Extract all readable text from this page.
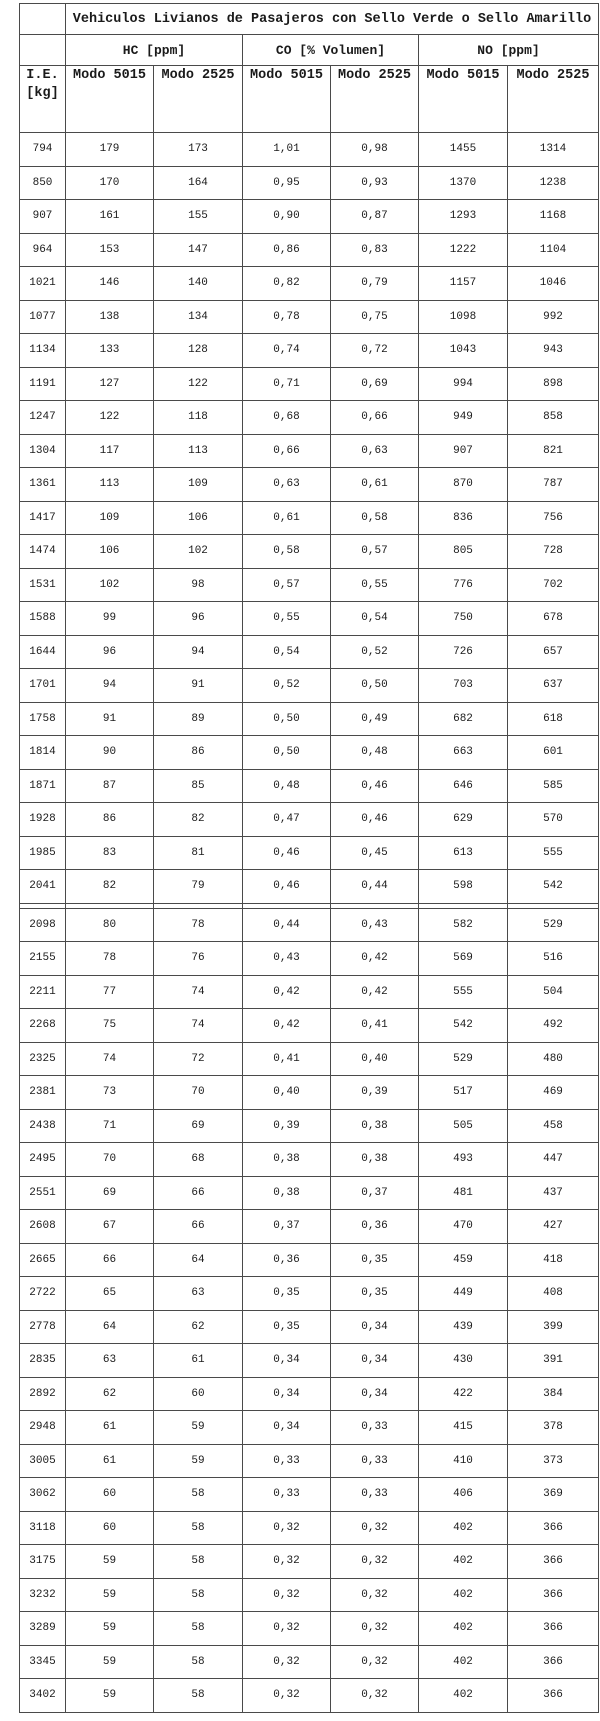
	Vehiculos Livianos de Pasajeros con Sello Verde o Sello Amarillo					
	HC [ppm]		CO [% Volumen]		NO [ppm]	

I.E.
[kg]	Modo 5015	Modo 2525	Modo 5015	Modo 2525	Modo 5015	Modo 2525
794	179	173	1,01	0,98	1455	1314
850	170	164	0,95	0,93	1370	1238
907	161	155	0,90	0,87	1293	1168
964	153	147	0,86	0,83	1222	1104
1021	146	140	0,82	0,79	1157	1046
1077	138	134	0,78	0,75	1098	992
1134	133	128	0,74	0,72	1043	943
1191	127	122	0,71	0,69	994	898
1247	122	118	0,68	0,66	949	858
1304	117	113	0,66	0,63	907	821
1361	113	109	0,63	0,61	870	787
1417	109	106	0,61	0,58	836	756
1474	106	102	0,58	0,57	805	728
1531	102	98	0,57	0,55	776	702
1588	99	96	0,55	0,54	750	678
1644	96	94	0,54	0,52	726	657
1701	94	91	0,52	0,50	703	637
1758	91	89	0,50	0,49	682	618
1814	90	86	0,50	0,48	663	601
1871	87	85	0,48	0,46	646	585
1928	86	82	0,47	0,46	629	570
1985	83	81	0,46	0,45	613	555
2041	82	79	0,46	0,44	598	542

2098	80	78	0,44	0,43	582	529
2155	78	76	0,43	0,42	569	516
2211	77	74	0,42	0,42	555	504
2268	75	74	0,42	0,41	542	492
2325	74	72	0,41	0,40	529	480
2381	73	70	0,40	0,39	517	469
2438	71	69	0,39	0,38	505	458
2495	70	68	0,38	0,38	493	447
2551	69	66	0,38	0,37	481	437
2608	67	66	0,37	0,36	470	427
2665	66	64	0,36	0,35	459	418
2722	65	63	0,35	0,35	449	408
2778	64	62	0,35	0,34	439	399
2835	63	61	0,34	0,34	430	391
2892	62	60	0,34	0,34	422	384
2948	61	59	0,34	0,33	415	378
3005	61	59	0,33	0,33	410	373
3062	60	58	0,33	0,33	406	369
3118	60	58	0,32	0,32	402	366
3175	59	58	0,32	0,32	402	366
3232	59	58	0,32	0,32	402	366
3289	59	58	0,32	0,32	402	366
3345	59	58	0,32	0,32	402	366
3402	59	58	0,32	0,32	402	366
